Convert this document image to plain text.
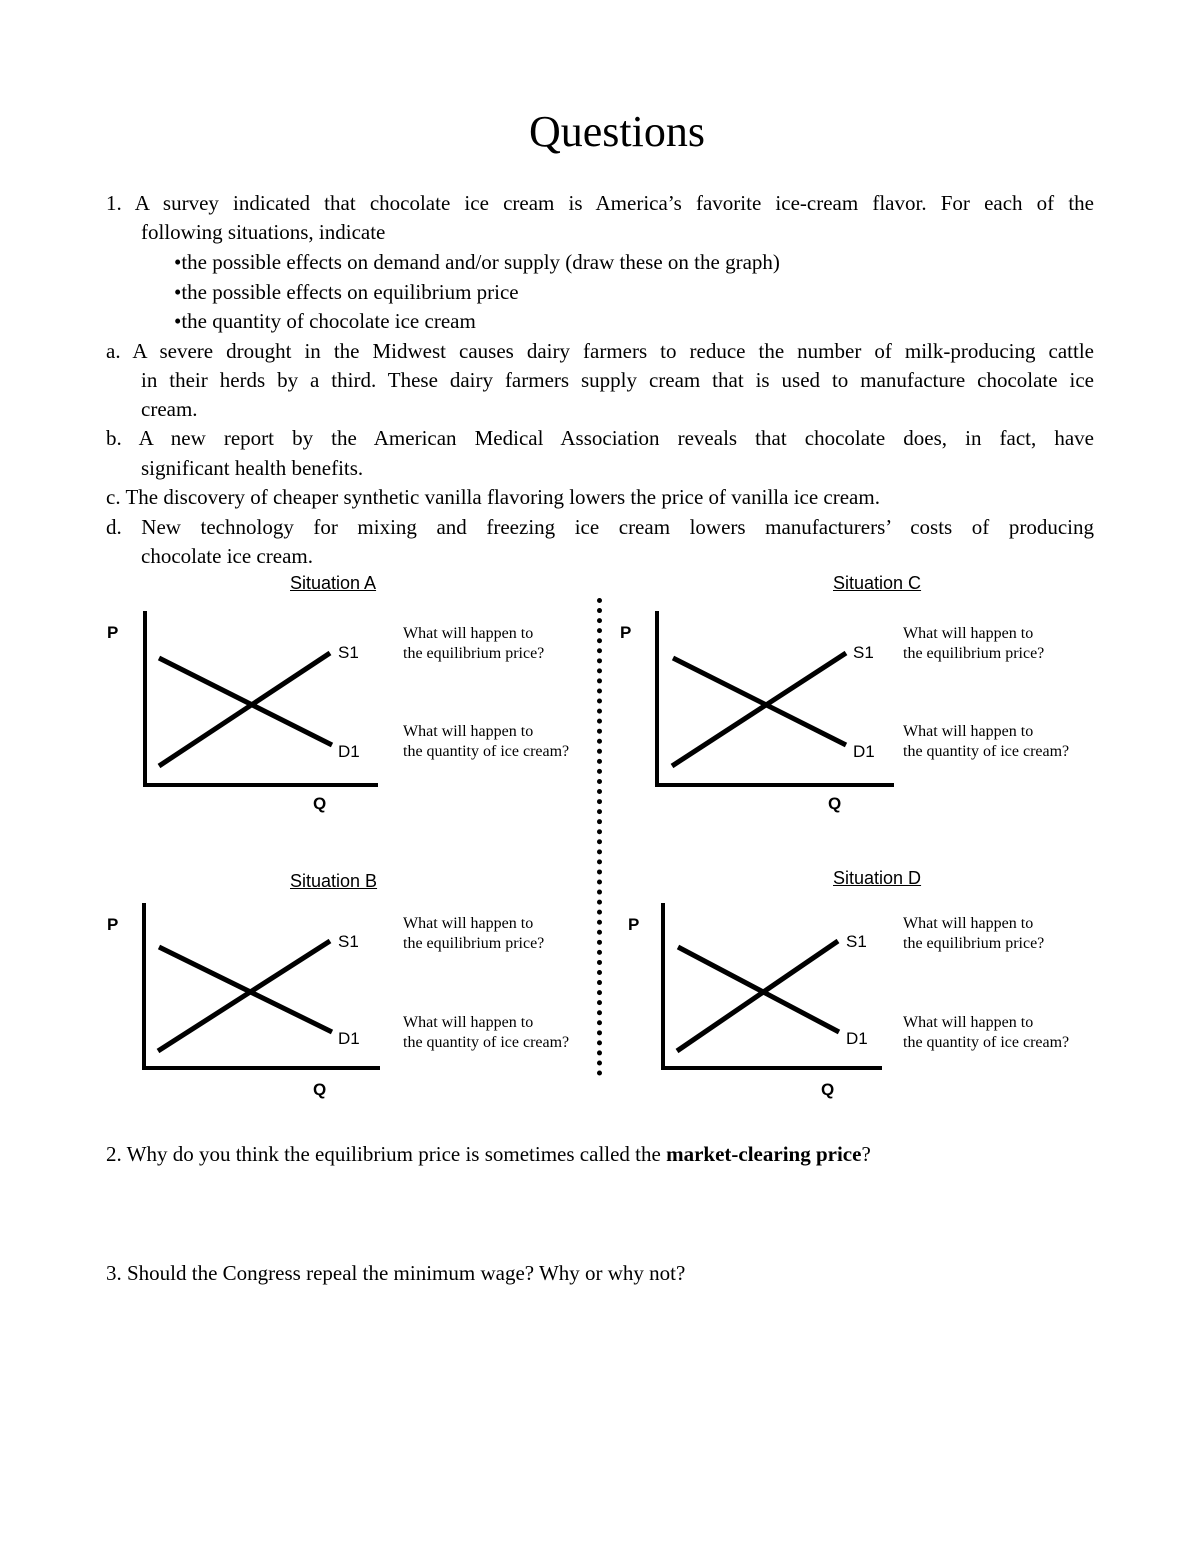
Questions
1. A survey indicated that chocolate ice cream is America’s favorite ice-cream flavor. For each of the
following situations, indicate
•the possible effects on demand and/or supply (draw these on the graph)
•the possible effects on equilibrium price
•the quantity of chocolate ice cream
a. A severe drought in the Midwest causes dairy farmers to reduce the number of milk-producing cattle
in their herds by a third. These dairy farmers supply cream that is used to manufacture chocolate ice
cream.
b. A new report by the American Medical Association reveals that chocolate does, in fact, have
significant health benefits.
c. The discovery of cheaper synthetic vanilla flavoring lowers the price of vanilla ice cream.
d. New technology for mixing and freezing ice cream lowers manufacturers’ costs of producing
chocolate ice cream.
Situation A	Situation C
Situation B	Situation D
P
S1
D1
Q
What will happen to
the equilibrium price?
What will happen to
the quantity of ice cream?
P
S1
D1
Q
What will happen to
the equilibrium price?
What will happen to
the quantity of ice cream?
P
S1
D1
Q
What will happen to
the equilibrium price?
What will happen to
the quantity of ice cream?
P
S1
D1
Q
What will happen to
the equilibrium price?
What will happen to
the quantity of ice cream?
2. Why do you think the equilibrium price is sometimes called the market-clearing price?
3. Should the Congress repeal the minimum wage? Why or why not?
